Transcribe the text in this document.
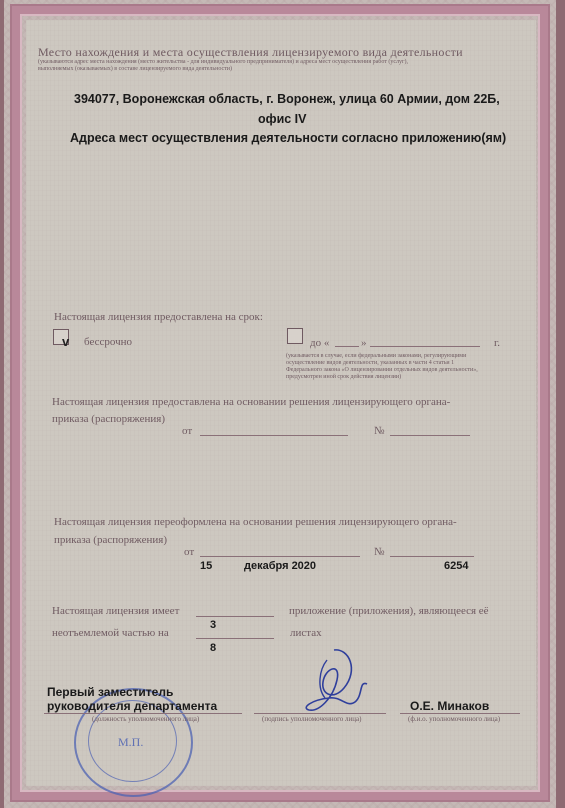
Место нахождения и места осуществления лицензируемого вида деятельности
(указываются адрес места нахождения (место жительства - для индивидуального предпринимателя) и адреса мест осуществления работ (услуг),
выполняемых (оказываемых) в составе лицензируемого вида деятельности)
394077, Воронежская область, г. Воронеж, улица 60 Армии, дом 22Б,
офис IV
Адреса мест осуществления деятельности согласно приложению(ям)
Настоящая лицензия предоставлена на срок:
v бессрочно	до «	»	г.
(указывается в случае, если федеральными законами, регулирующими
осуществление видов деятельности, указанных в части 4 статьи 1
Федерального закона «О лицензировании отдельных видов деятельности»,
предусмотрен иной срок действия лицензии)
Настоящая лицензия предоставлена на основании решения лицензирующего органа-
приказа (распоряжения)
от	№
Настоящая лицензия переоформлена на основании решения лицензирующего органа-
приказа (распоряжения)
от	№
15	декабря 2020	6254
Настоящая лицензия имеет	приложение (приложения), являющееся её
неотъемлемой частью на
3
листах
8
М.П.
Первый заместитель
руководителя департамента
(должность уполномоченного лица)	(подпись уполномоченного лица)
О.Е. Минаков
(ф.и.о. уполномоченного лица)
